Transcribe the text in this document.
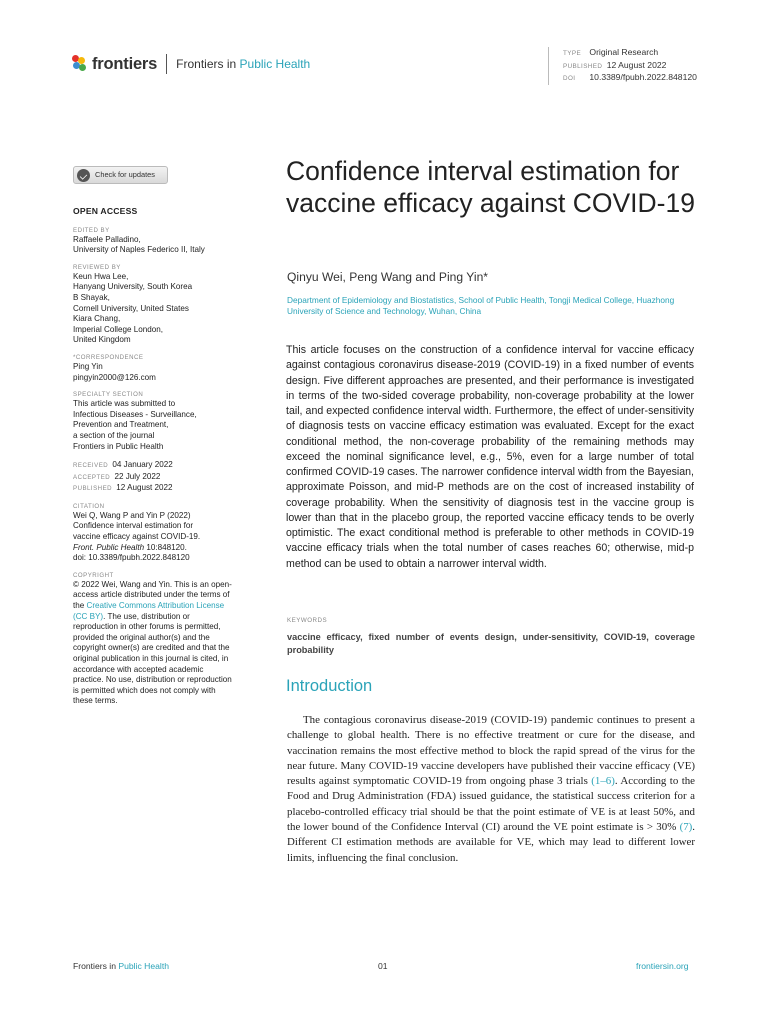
frontiers Frontiers in Public Health
TYPE Original Research
PUBLISHED 12 August 2022
DOI 10.3389/fpubh.2022.848120
Check for updates
OPEN ACCESS
EDITED BY
Raffaele Palladino,
University of Naples Federico II, Italy
REVIEWED BY
Keun Hwa Lee,
Hanyang University, South Korea
B Shayak,
Cornell University, United States
Kiara Chang,
Imperial College London,
United Kingdom
*CORRESPONDENCE
Ping Yin
pingyin2000@126.com
SPECIALTY SECTION
This article was submitted to
Infectious Diseases - Surveillance,
Prevention and Treatment,
a section of the journal
Frontiers in Public Health
RECEIVED 04 January 2022
ACCEPTED 22 July 2022
PUBLISHED 12 August 2022
CITATION
Wei Q, Wang P and Yin P (2022)
Confidence interval estimation for
vaccine efficacy against COVID-19.
Front. Public Health 10:848120.
doi: 10.3389/fpubh.2022.848120
COPYRIGHT
© 2022 Wei, Wang and Yin. This is an open-access article distributed under the terms of the Creative Commons Attribution License (CC BY). The use, distribution or reproduction in other forums is permitted, provided the original author(s) and the copyright owner(s) are credited and that the original publication in this journal is cited, in accordance with accepted academic practice. No use, distribution or reproduction is permitted which does not comply with these terms.
Confidence interval estimation for vaccine efficacy against COVID-19
Qinyu Wei, Peng Wang and Ping Yin*
Department of Epidemiology and Biostatistics, School of Public Health, Tongji Medical College, Huazhong University of Science and Technology, Wuhan, China

This article focuses on the construction of a confidence interval for vaccine efficacy against contagious coronavirus disease-2019 (COVID-19) in a fixed number of events design. Five different approaches are presented, and their performance is investigated in terms of the two-sided coverage probability, non-coverage probability at the lower tail, and expected confidence interval width. Furthermore, the effect of under-sensitivity of diagnosis tests on vaccine efficacy estimation was evaluated. Except for the exact conditional method, the non-coverage probability of the remaining methods may exceed the nominal significance level, e.g., 5%, even for a large number of total confirmed COVID-19 cases. The narrower confidence interval width from the Bayesian, approximate Poisson, and mid-P methods are on the cost of increased instability of coverage probability. When the sensitivity of diagnosis test in the vaccine group is lower than that in the placebo group, the reported vaccine efficacy tends to be overly optimistic. The exact conditional method is preferable to other methods in COVID-19 vaccine efficacy trials when the total number of cases reaches 60; otherwise, mid-p method can be used to obtain a narrower interval width.

KEYWORDS
vaccine efficacy, fixed number of events design, under-sensitivity, COVID-19, coverage probability
Introduction

The contagious coronavirus disease-2019 (COVID-19) pandemic continues to present a challenge to global health. There is no effective treatment or cure for the disease, and vaccination remains the most effective method to block the rapid spread of the virus for the near future. Many COVID-19 vaccine developers have published their vaccine efficacy (VE) results against symptomatic COVID-19 from ongoing phase 3 trials (1–6). According to the Food and Drug Administration (FDA) issued guidance, the statistical success criterion for a placebo-controlled efficacy trial should be that the point estimate of VE is at least 50%, and the lower bound of the Confidence Interval (CI) around the VE point estimate is > 30% (7). Different CI estimation methods are available for VE, which may lead to different lower limits, influencing the final conclusion.

Frontiers in Public Health	01	frontiersin.org
